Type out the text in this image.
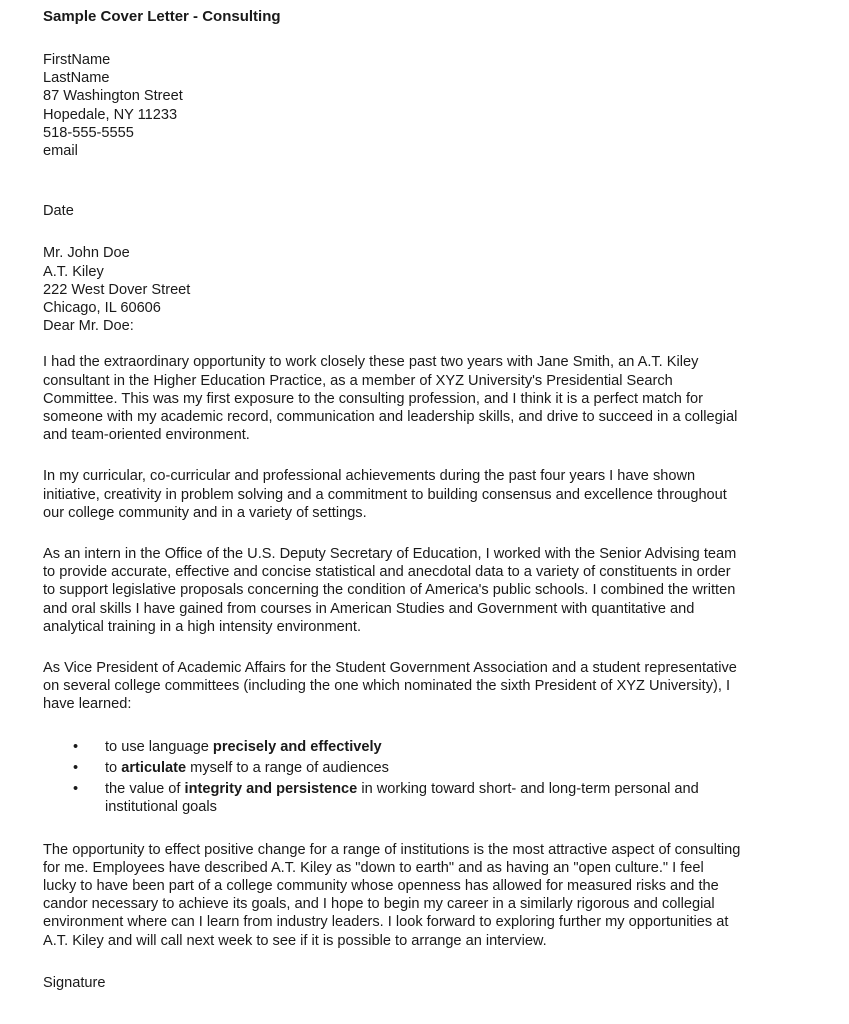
Sample Cover Letter - Consulting
FirstName
LastName
87 Washington Street
Hopedale, NY 11233
518-555-5555
email
Date
Mr. John Doe
A.T. Kiley
222 West Dover Street
Chicago, IL 60606
Dear Mr. Doe:

I had the extraordinary opportunity to work closely these past two years with Jane Smith, an A.T. Kiley
consultant in the Higher Education Practice, as a member of XYZ University's Presidential Search
Committee. This was my first exposure to the consulting profession, and I think it is a perfect match for
someone with my academic record, communication and leadership skills, and drive to succeed in a collegial
and team-oriented environment.

In my curricular, co-curricular and professional achievements during the past four years I have shown
initiative, creativity in problem solving and a commitment to building consensus and excellence throughout
our college community and in a variety of settings.

As an intern in the Office of the U.S. Deputy Secretary of Education, I worked with the Senior Advising team
to provide accurate, effective and concise statistical and anecdotal data to a variety of constituents in order
to support legislative proposals concerning the condition of America's public schools. I combined the written
and oral skills I have gained from courses in American Studies and Government with quantitative and
analytical training in a high intensity environment.

As Vice President of Academic Affairs for the Student Government Association and a student representative
on several college committees (including the one which nominated the sixth President of XYZ University), I
have learned:

• to use language precisely and effectively
• to articulate myself to a range of audiences
• the value of integrity and persistence in working toward short- and long-term personal and
institutional goals

The opportunity to effect positive change for a range of institutions is the most attractive aspect of consulting
for me. Employees have described A.T. Kiley as "down to earth" and as having an "open culture." I feel
lucky to have been part of a college community whose openness has allowed for measured risks and the
candor necessary to achieve its goals, and I hope to begin my career in a similarly rigorous and collegial
environment where can I learn from industry leaders. I look forward to exploring further my opportunities at
A.T. Kiley and will call next week to see if it is possible to arrange an interview.

Signature
